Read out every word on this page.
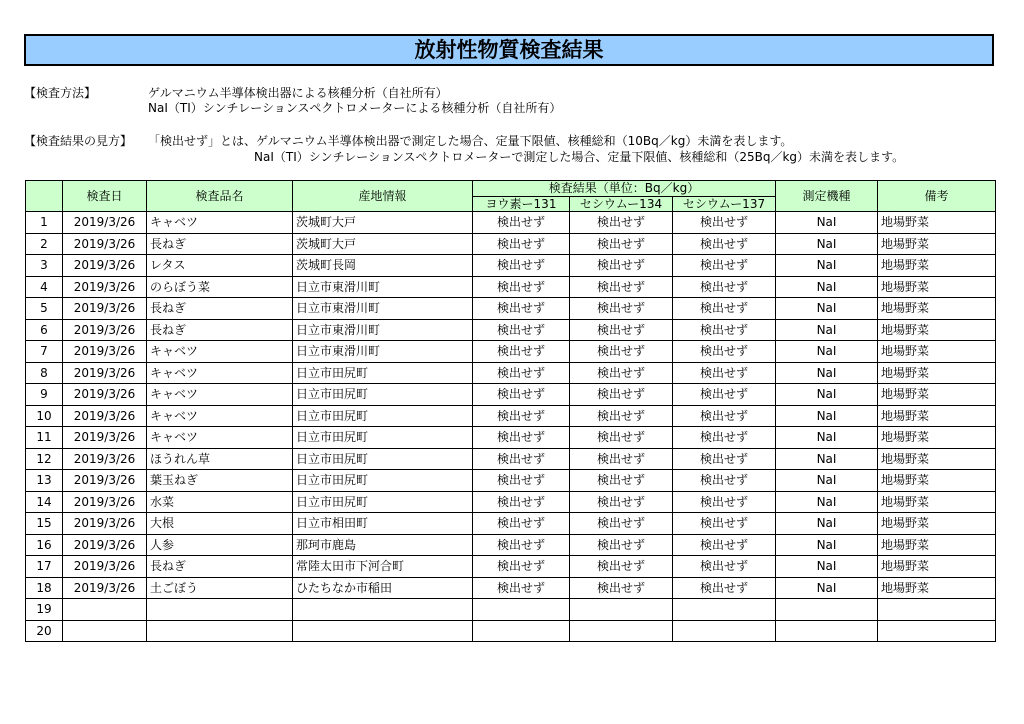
放射性物質検査結果
【検査方法】	ゲルマニウム半導体検出器による核種分析（自社所有）
NaI（TI）シンチレーションスペクトロメーターによる核種分析（自社所有）
【検査結果の見方】 「検出せず」とは、ゲルマニウム半導体検出器で測定した場合、定量下限値、核種総和（10Bq／kg）未満を表します。
NaI（TI）シンチレーションスペクトロメーターで測定した場合、定量下限値、核種総和（25Bq／kg）未満を表します。
	検査日	検査品名	産地情報	検査結果（単位：Bq／kg）			測定機種	備考
				ヨウ素ー131	セシウムー134	セシウムー137		
1	2019/3/26	キャベツ	茨城町大戸	検出せず	検出せず	検出せず	NaI	地場野菜
2	2019/3/26	長ねぎ	茨城町大戸	検出せず	検出せず	検出せず	NaI	地場野菜
3	2019/3/26	レタス	茨城町長岡	検出せず	検出せず	検出せず	NaI	地場野菜
4	2019/3/26	のらぼう菜	日立市東滑川町	検出せず	検出せず	検出せず	NaI	地場野菜
5	2019/3/26	長ねぎ	日立市東滑川町	検出せず	検出せず	検出せず	NaI	地場野菜
6	2019/3/26	長ねぎ	日立市東滑川町	検出せず	検出せず	検出せず	NaI	地場野菜
7	2019/3/26	キャベツ	日立市東滑川町	検出せず	検出せず	検出せず	NaI	地場野菜
8	2019/3/26	キャベツ	日立市田尻町	検出せず	検出せず	検出せず	NaI	地場野菜
9	2019/3/26	キャベツ	日立市田尻町	検出せず	検出せず	検出せず	NaI	地場野菜
10	2019/3/26	キャベツ	日立市田尻町	検出せず	検出せず	検出せず	NaI	地場野菜
11	2019/3/26	キャベツ	日立市田尻町	検出せず	検出せず	検出せず	NaI	地場野菜
12	2019/3/26	ほうれん草	日立市田尻町	検出せず	検出せず	検出せず	NaI	地場野菜
13	2019/3/26	葉玉ねぎ	日立市田尻町	検出せず	検出せず	検出せず	NaI	地場野菜
14	2019/3/26	水菜	日立市田尻町	検出せず	検出せず	検出せず	NaI	地場野菜
15	2019/3/26	大根	日立市相田町	検出せず	検出せず	検出せず	NaI	地場野菜
16	2019/3/26	人参	那珂市鹿島	検出せず	検出せず	検出せず	NaI	地場野菜
17	2019/3/26	長ねぎ	常陸太田市下河合町	検出せず	検出せず	検出せず	NaI	地場野菜
18	2019/3/26	土ごぼう	ひたちなか市稲田	検出せず	検出せず	検出せず	NaI	地場野菜
19								
20								
